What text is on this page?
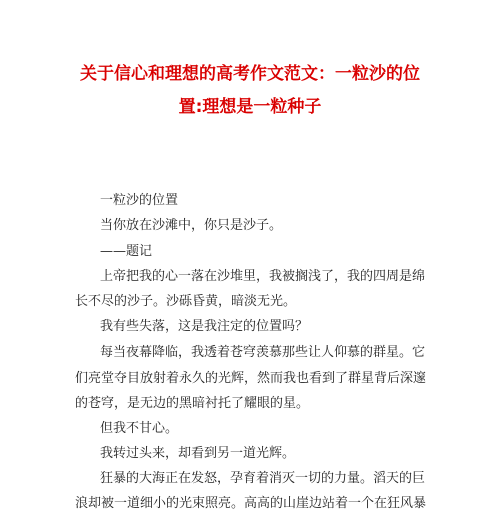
关于信心和理想的高考作文范文：一粒沙的位
置:理想是一粒种子

一粒沙的位置

当你放在沙滩中，你只是沙子。

——题记

上帝把我的心一落在沙堆里，我被搁浅了，我的四周是绵

长不尽的沙子。沙砾昏黄，暗淡无光。

我有些失落，这是我注定的位置吗？

每当夜幕降临，我透着苍穹羡慕那些让人仰慕的群星。它

们亮堂夺目放射着永久的光辉，然而我也看到了群星背后深邃

的苍穹，是无边的黑暗衬托了耀眼的星。

但我不甘心。

我转过头来，却看到另一道光辉。

狂暴的大海正在发怒，孕育着消灭一切的力量。滔天的巨

浪却被一道细小的光束照亮。高高的山崖边站着一个在狂风暴
